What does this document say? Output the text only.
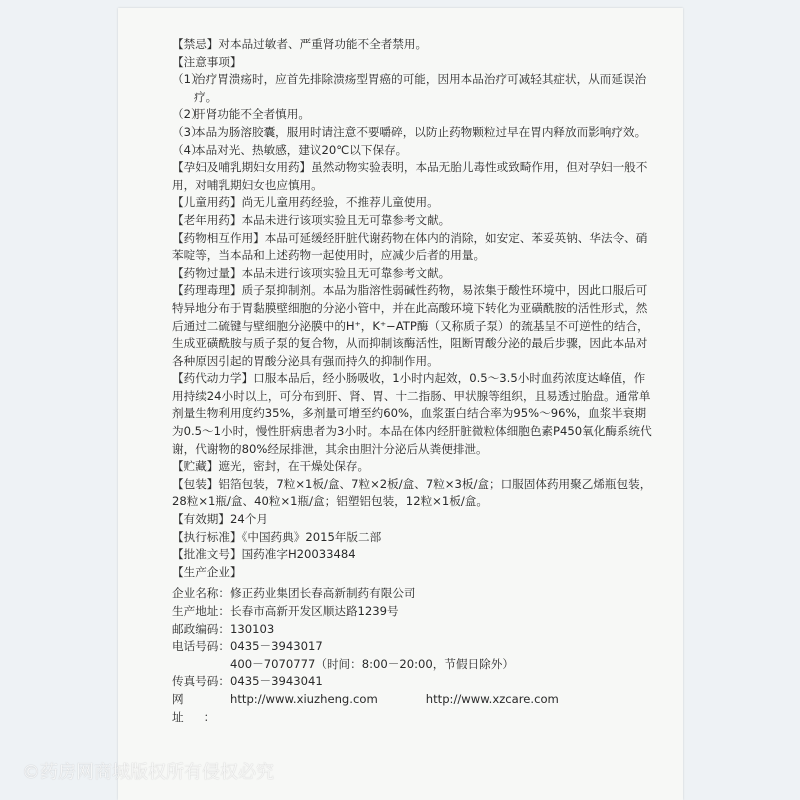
【禁忌】对本品过敏者、严重肾功能不全者禁用。

【注意事项】

（1）
治疗胃溃疡时，应首先排除溃疡型胃癌的可能，因用本品治疗可减轻其症状，从而延误治疗。
（2）
肝肾功能不全者慎用。
（3）
本品为肠溶胶囊，服用时请注意不要嚼碎，以防止药物颗粒过早在胃内释放而影响疗效。
（4）
本品对光、热敏感，建议20℃以下保存。

【孕妇及哺乳期妇女用药】虽然动物实验表明，本品无胎儿毒性或致畸作用，但对孕妇一般不用，对哺乳期妇女也应慎用。

【儿童用药】尚无儿童用药经验，不推荐儿童使用。

【老年用药】本品未进行该项实验且无可靠参考文献。

【药物相互作用】本品可延缓经肝脏代谢药物在体内的消除，如安定、苯妥英钠、华法令、硝苯啶等，当本品和上述药物一起使用时，应减少后者的用量。

【药物过量】本品未进行该项实验且无可靠参考文献。

【药理毒理】质子泵抑制剂。本品为脂溶性弱碱性药物，易浓集于酸性环境中，因此口服后可特异地分布于胃黏膜壁细胞的分泌小管中，并在此高酸环境下转化为亚磺酰胺的活性形式，然后通过二硫键与壁细胞分泌膜中的H⁺，K⁺−ATP酶（又称质子泵）的巯基呈不可逆性的结合，生成亚磺酰胺与质子泵的复合物，从而抑制该酶活性，阻断胃酸分泌的最后步骤，因此本品对各种原因引起的胃酸分泌具有强而持久的抑制作用。

【药代动力学】口服本品后，经小肠吸收，1小时内起效，0.5～3.5小时血药浓度达峰值，作用持续24小时以上，可分布到肝、肾、胃、十二指肠、甲状腺等组织，且易透过胎盘。通常单剂量生物利用度约35%，多剂量可增至约60%，血浆蛋白结合率为95%～96%，血浆半衰期为0.5～1小时，慢性肝病患者为3小时。本品在体内经肝脏微粒体细胞色素P450氧化酶系统代谢，代谢物的80%经尿排泄，其余由胆汁分泌后从粪便排泄。

【贮藏】遮光，密封，在干燥处保存。

【包装】铝箔包装，7粒×1板/盒、7粒×2板/盒、7粒×3板/盒；口服固体药用聚乙烯瓶包装，28粒×1瓶/盒、40粒×1瓶/盒；铝塑铝包装，12粒×1板/盒。

【有效期】24个月

【执行标准】《中国药典》2015年版二部

【批准文号】国药准字H20033484

【生产企业】

企业名称： 修正药业集团长春高新制药有限公司
生产地址： 长春市高新开发区顺达路1239号
邮政编码： 130103
电话号码： 0435－3943017
400－7070777（时间：8:00－20:00，节假日除外）
传真号码： 0435－3943041
网址：
http://www.xiuzheng.com	http://www.xzcare.com
©药房网商城版权所有侵权必究
